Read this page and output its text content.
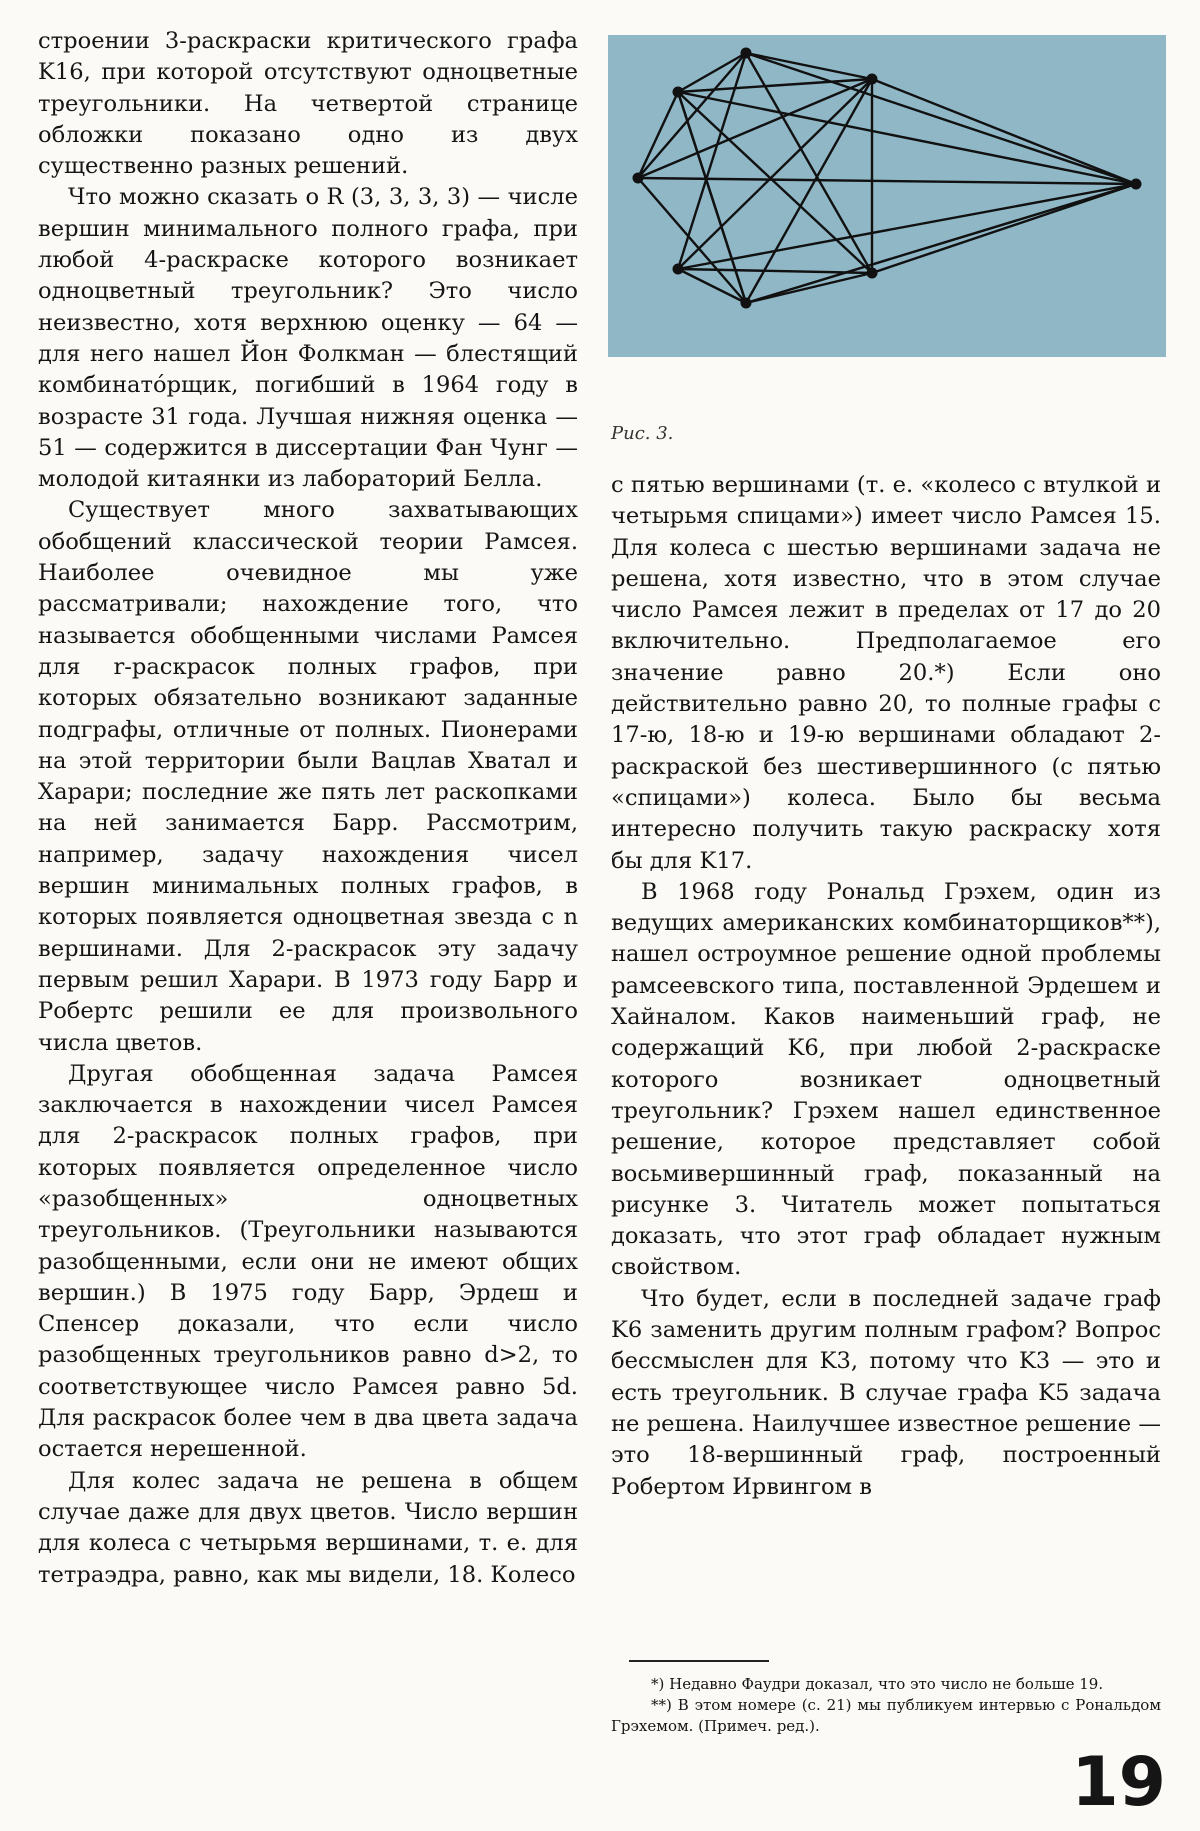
строении 3-раскраски критического графа K16, при которой отсутствуют одноцветные треугольники. На четвертой странице обложки показано одно из двух существенно разных решений.

Что можно сказать о R (3, 3, 3, 3) — числе вершин минимального полного графа, при любой 4-раскраске которого возникает одноцветный треугольник? Это число неизвестно, хотя верхнюю оценку — 64 — для него нашел Йон Фолкман — блестящий комбинатóрщик, погибший в 1964 году в возрасте 31 года. Лучшая нижняя оценка — 51 — содержится в диссертации Фан Чунг — молодой китаянки из лабораторий Белла.

Существует много захватывающих обобщений классической теории Рамсея. Наиболее очевидное мы уже рассматривали; нахождение того, что называется обобщенными числами Рамсея для r-раскрасок полных графов, при которых обязательно возникают заданные подграфы, отличные от полных. Пионерами на этой территории были Вацлав Хватал и Харари; последние же пять лет раскопками на ней занимается Барр. Рассмотрим, например, задачу нахождения чисел вершин минимальных полных графов, в которых появляется одноцветная звезда с n вершинами. Для 2-раскрасок эту задачу первым решил Харари. В 1973 году Барр и Робертс решили ее для произвольного числа цветов.

Другая обобщенная задача Рамсея заключается в нахождении чисел Рамсея для 2-раскрасок полных графов, при которых появляется определенное число «разобщенных» одноцветных треугольников. (Треугольники называются разобщенными, если они не имеют общих вершин.) В 1975 году Барр, Эрдеш и Спенсер доказали, что если число разобщенных треугольников равно d>2, то соответствующее число Рамсея равно 5d. Для раскрасок более чем в два цвета задача остается нерешенной.

Для колес задача не решена в общем случае даже для двух цветов. Число вершин для колеса с четырьмя вершинами, т. е. для тетраэдра, равно, как мы видели, 18. Колесо

Рис. 3.

с пятью вершинами (т. е. «колесо с втулкой и четырьмя спицами») имеет число Рамсея 15. Для колеса с шестью вершинами задача не решена, хотя известно, что в этом случае число Рамсея лежит в пределах от 17 до 20 включительно. Предполагаемое его значение равно 20.*) Если оно действительно равно 20, то полные графы с 17-ю, 18-ю и 19-ю вершинами обладают 2-раскраской без шестивершинного (с пятью «спицами») колеса. Было бы весьма интересно получить такую раскраску хотя бы для K17.

В 1968 году Рональд Грэхем, один из ведущих американских комбинаторщиков**), нашел остроумное решение одной проблемы рамсеевского типа, поставленной Эрдешем и Хайналом. Каков наименьший граф, не содержащий K6, при любой 2-раскраске которого возникает одноцветный треугольник? Грэхем нашел единственное решение, которое представляет собой восьмивершинный граф, показанный на рисунке 3. Читатель может попытаться доказать, что этот граф обладает нужным свойством.

Что будет, если в последней задаче граф K6 заменить другим полным графом? Вопрос бессмыслен для K3, потому что K3 — это и есть треугольник. В случае графа K5 задача не решена. Наилучшее известное решение — это 18-вершинный граф, построенный Робертом Ирвингом в

*) Недавно Фаудри доказал, что это число не больше 19.

**) В этом номере (с. 21) мы публикуем интервью с Рональдом Грэхемом. (Примеч. ред.).

19
